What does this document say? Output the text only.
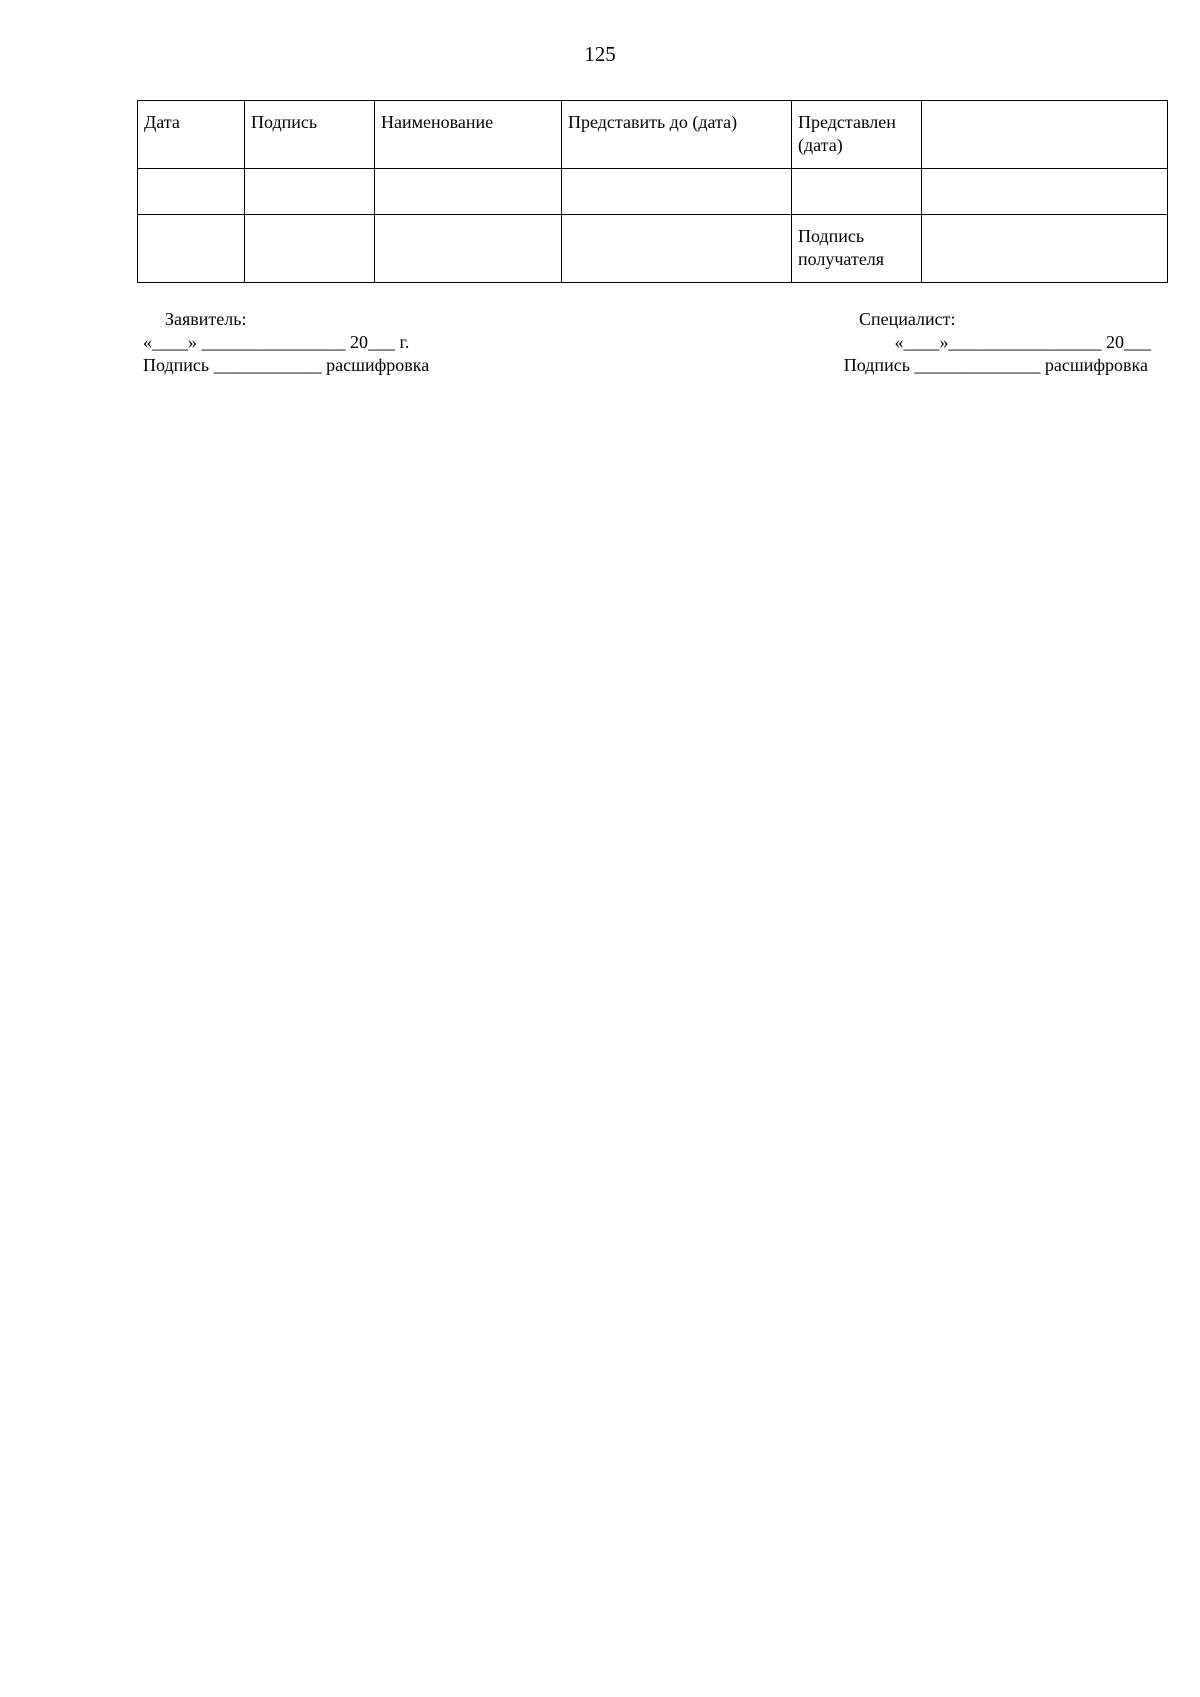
125
Дата	Подпись	Наименование	Представить до (дата)	Представлен (дата)	

				Подпись получателя	
Заявитель:
«____» ________________ 20___ г.
Подпись ____________ расшифровка
Специалист:
«____»_________________ 20___
Подпись ______________ расшифровка
